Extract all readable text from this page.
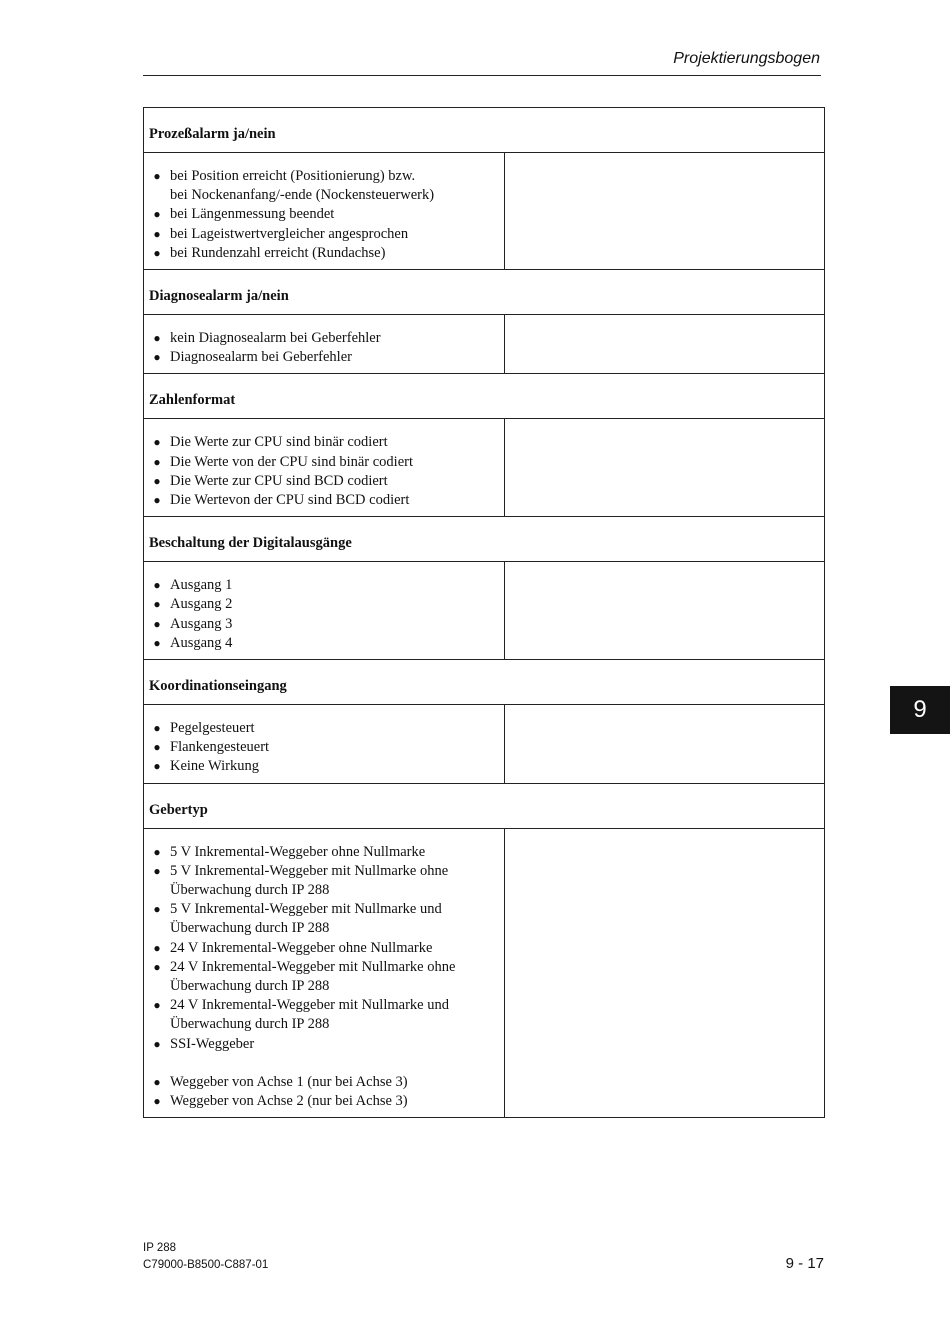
Projektierungsbogen
Prozeßalarm ja/nein
● bei Position erreicht (Positionierung) bzw.
bei Nockenanfang/-ende (Nockensteuerwerk)
● bei Längenmessung beendet
● bei Lageistwertvergleicher angesprochen
● bei Rundenzahl erreicht (Rundachse)
Diagnosealarm ja/nein
● kein Diagnosealarm bei Geberfehler
● Diagnosealarm bei Geberfehler
Zahlenformat
● Die Werte zur CPU sind binär codiert
● Die Werte von der CPU sind binär codiert
● Die Werte zur CPU sind BCD codiert
● Die Wertevon der CPU sind BCD codiert
Beschaltung der Digitalausgänge
● Ausgang 1
● Ausgang 2
● Ausgang 3
● Ausgang 4
Koordinationseingang
● Pegelgesteuert
● Flankengesteuert
● Keine Wirkung
Gebertyp
● 5 V Inkremental-Weggeber ohne Nullmarke
● 5 V Inkremental-Weggeber mit Nullmarke ohne
Überwachung durch IP 288
● 5 V Inkremental-Weggeber mit Nullmarke und
Überwachung durch IP 288
● 24 V Inkremental-Weggeber ohne Nullmarke
● 24 V Inkremental-Weggeber mit Nullmarke ohne
Überwachung durch IP 288
● 24 V Inkremental-Weggeber mit Nullmarke und
Überwachung durch IP 288
● SSI-Weggeber
● Weggeber von Achse 1 (nur bei Achse 3)
● Weggeber von Achse 2 (nur bei Achse 3)
9
IP 288
C79000-B8500-C887-01	9 - 17
